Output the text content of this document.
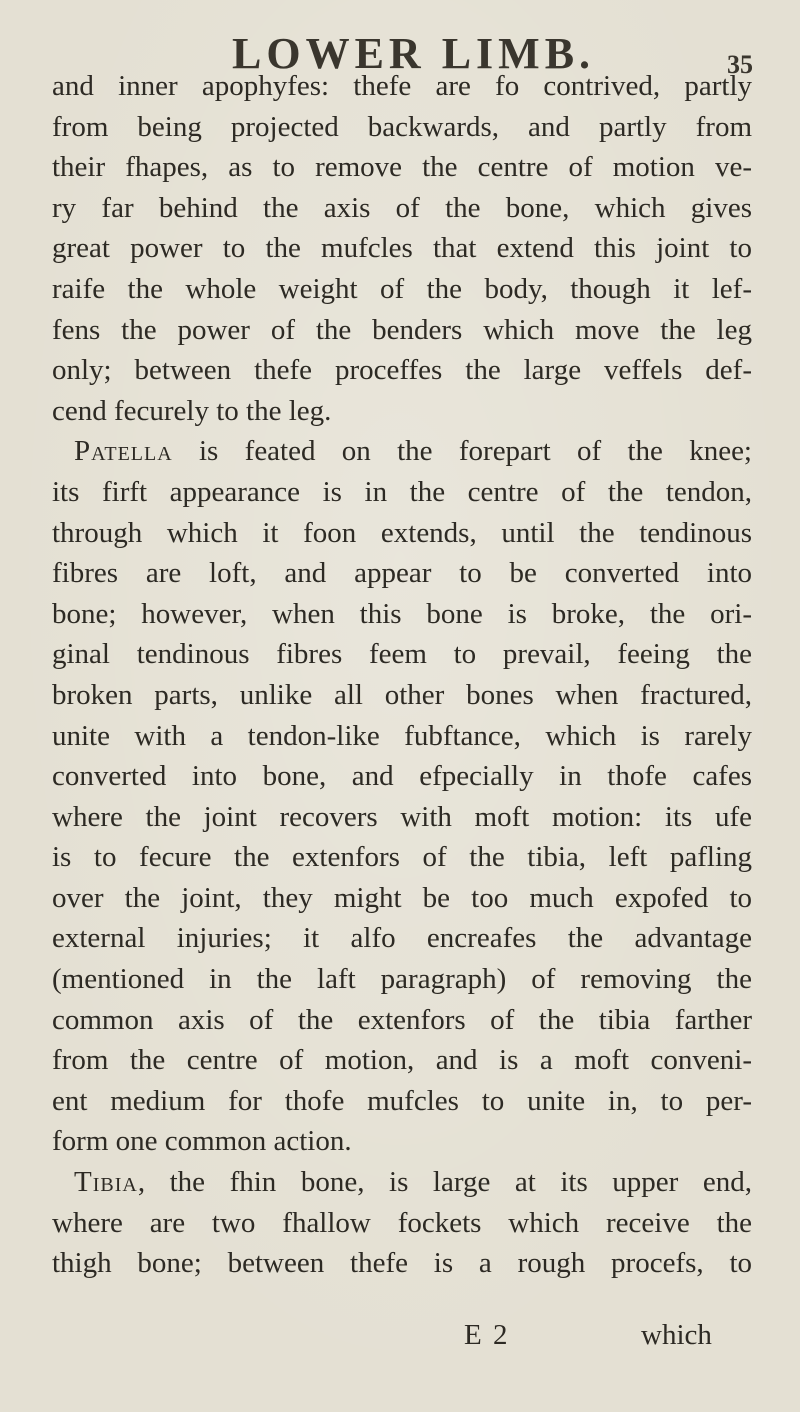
LOWER LIMB.	35
and inner apophyfes: thefe are fo contrived, partly
from being projected backwards, and partly from
their fhapes, as to remove the centre of motion ve-
ry far behind the axis of the bone, which gives
great power to the mufcles that extend this joint to
raife the whole weight of the body, though it lef-
fens the power of the benders which move the leg
only; between thefe proceffes the large veffels def-
cend fecurely to the leg.
Patella is feated on the forepart of the knee;
its firft appearance is in the centre of the tendon,
through which it foon extends, until the tendinous
fibres are loft, and appear to be converted into
bone; however, when this bone is broke, the ori-
ginal tendinous fibres feem to prevail, feeing the
broken parts, unlike all other bones when fractured,
unite with a tendon-like fubftance, which is rarely
converted into bone, and efpecially in thofe cafes
where the joint recovers with moft motion: its ufe
is to fecure the extenfors of the tibia, left pafling
over the joint, they might be too much expofed to
external injuries; it alfo encreafes the advantage
(mentioned in the laft paragraph) of removing the
common axis of the extenfors of the tibia farther
from the centre of motion, and is a moft conveni-
ent medium for thofe mufcles to unite in, to per-
form one common action.
Tibia, the fhin bone, is large at its upper end,
where are two fhallow fockets which receive the
thigh bone; between thefe is a rough procefs, to
E 2	which
